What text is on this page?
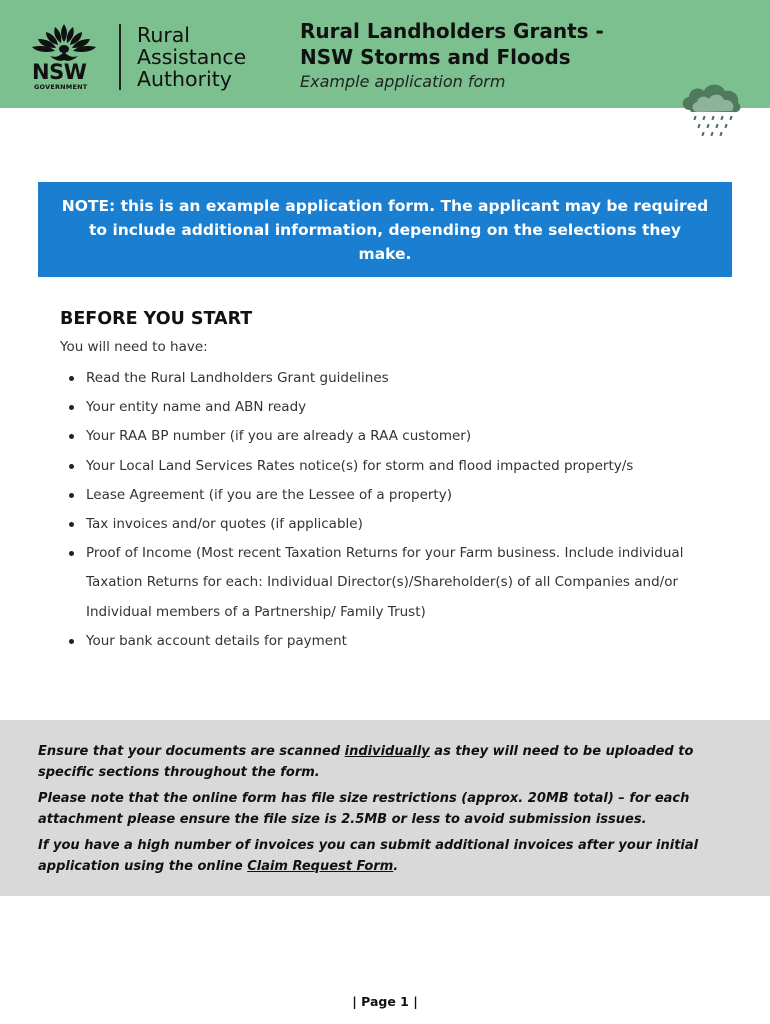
NSW
GOVERNMENT
Rural
Assistance
Authority
Rural Landholders Grants -
NSW Storms and Floods
Example application form
NOTE: this is an example application form. The applicant may be required to include additional information, depending on the selections they make.
BEFORE YOU START
You will need to have:
Read the Rural Landholders Grant guidelines
Your entity name and ABN ready
Your RAA BP number (if you are already a RAA customer)
Your Local Land Services Rates notice(s) for storm and flood impacted property/s
Lease Agreement (if you are the Lessee of a property)
Tax invoices and/or quotes (if applicable)
Proof of Income (Most recent Taxation Returns for your Farm business. Include individual Taxation Returns for each: Individual Director(s)/Shareholder(s) of all Companies and/or Individual members of a Partnership/ Family Trust)
Your bank account details for payment

Ensure that your documents are scanned individually as they will need to be uploaded to specific sections throughout the form.

Please note that the online form has file size restrictions (approx. 20MB total) – for each attachment please ensure the file size is 2.5MB or less to avoid submission issues.

If you have a high number of invoices you can submit additional invoices after your initial application using the online Claim Request Form.

| Page 1 |
